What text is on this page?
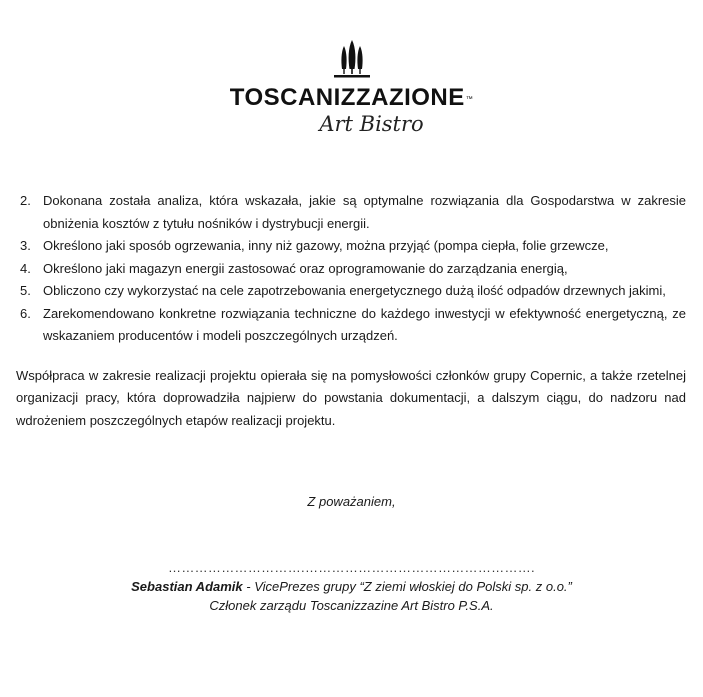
TOSCANIZZAZIONE™
Art Bistro
2. Dokonana została analiza, która wskazała, jakie są optymalne rozwiązania dla Gospodarstwa w zakresie obniżenia kosztów z tytułu nośników i dystrybucji energii.
3. Określono jaki sposób ogrzewania, inny niż gazowy, można przyjąć (pompa ciepła, folie grzewcze,
4. Określono jaki magazyn energii zastosować oraz oprogramowanie do zarządzania energią,
5. Obliczono czy wykorzystać na cele zapotrzebowania energetycznego dużą ilość odpadów drzewnych jakimi,
6. Zarekomendowano konkretne rozwiązania techniczne do każdego inwestycji w efektywność energetyczną, ze wskazaniem producentów i modeli poszczególnych urządzeń.

Współpraca w zakresie realizacji projektu opierała się na pomysłowości członków grupy Copernic, a także rzetelnej organizacji pracy, która doprowadziła najpierw do powstania dokumentacji, a dalszym ciągu, do nadzoru nad wdrożeniem poszczególnych etapów realizacji projektu.

Z poważaniem,
………………………….…………………………………………….
Sebastian Adamik - VicePrezes grupy “Z ziemi włoskiej do Polski sp. z o.o.”
Członek zarządu Toscanizzazine Art Bistro P.S.A.
